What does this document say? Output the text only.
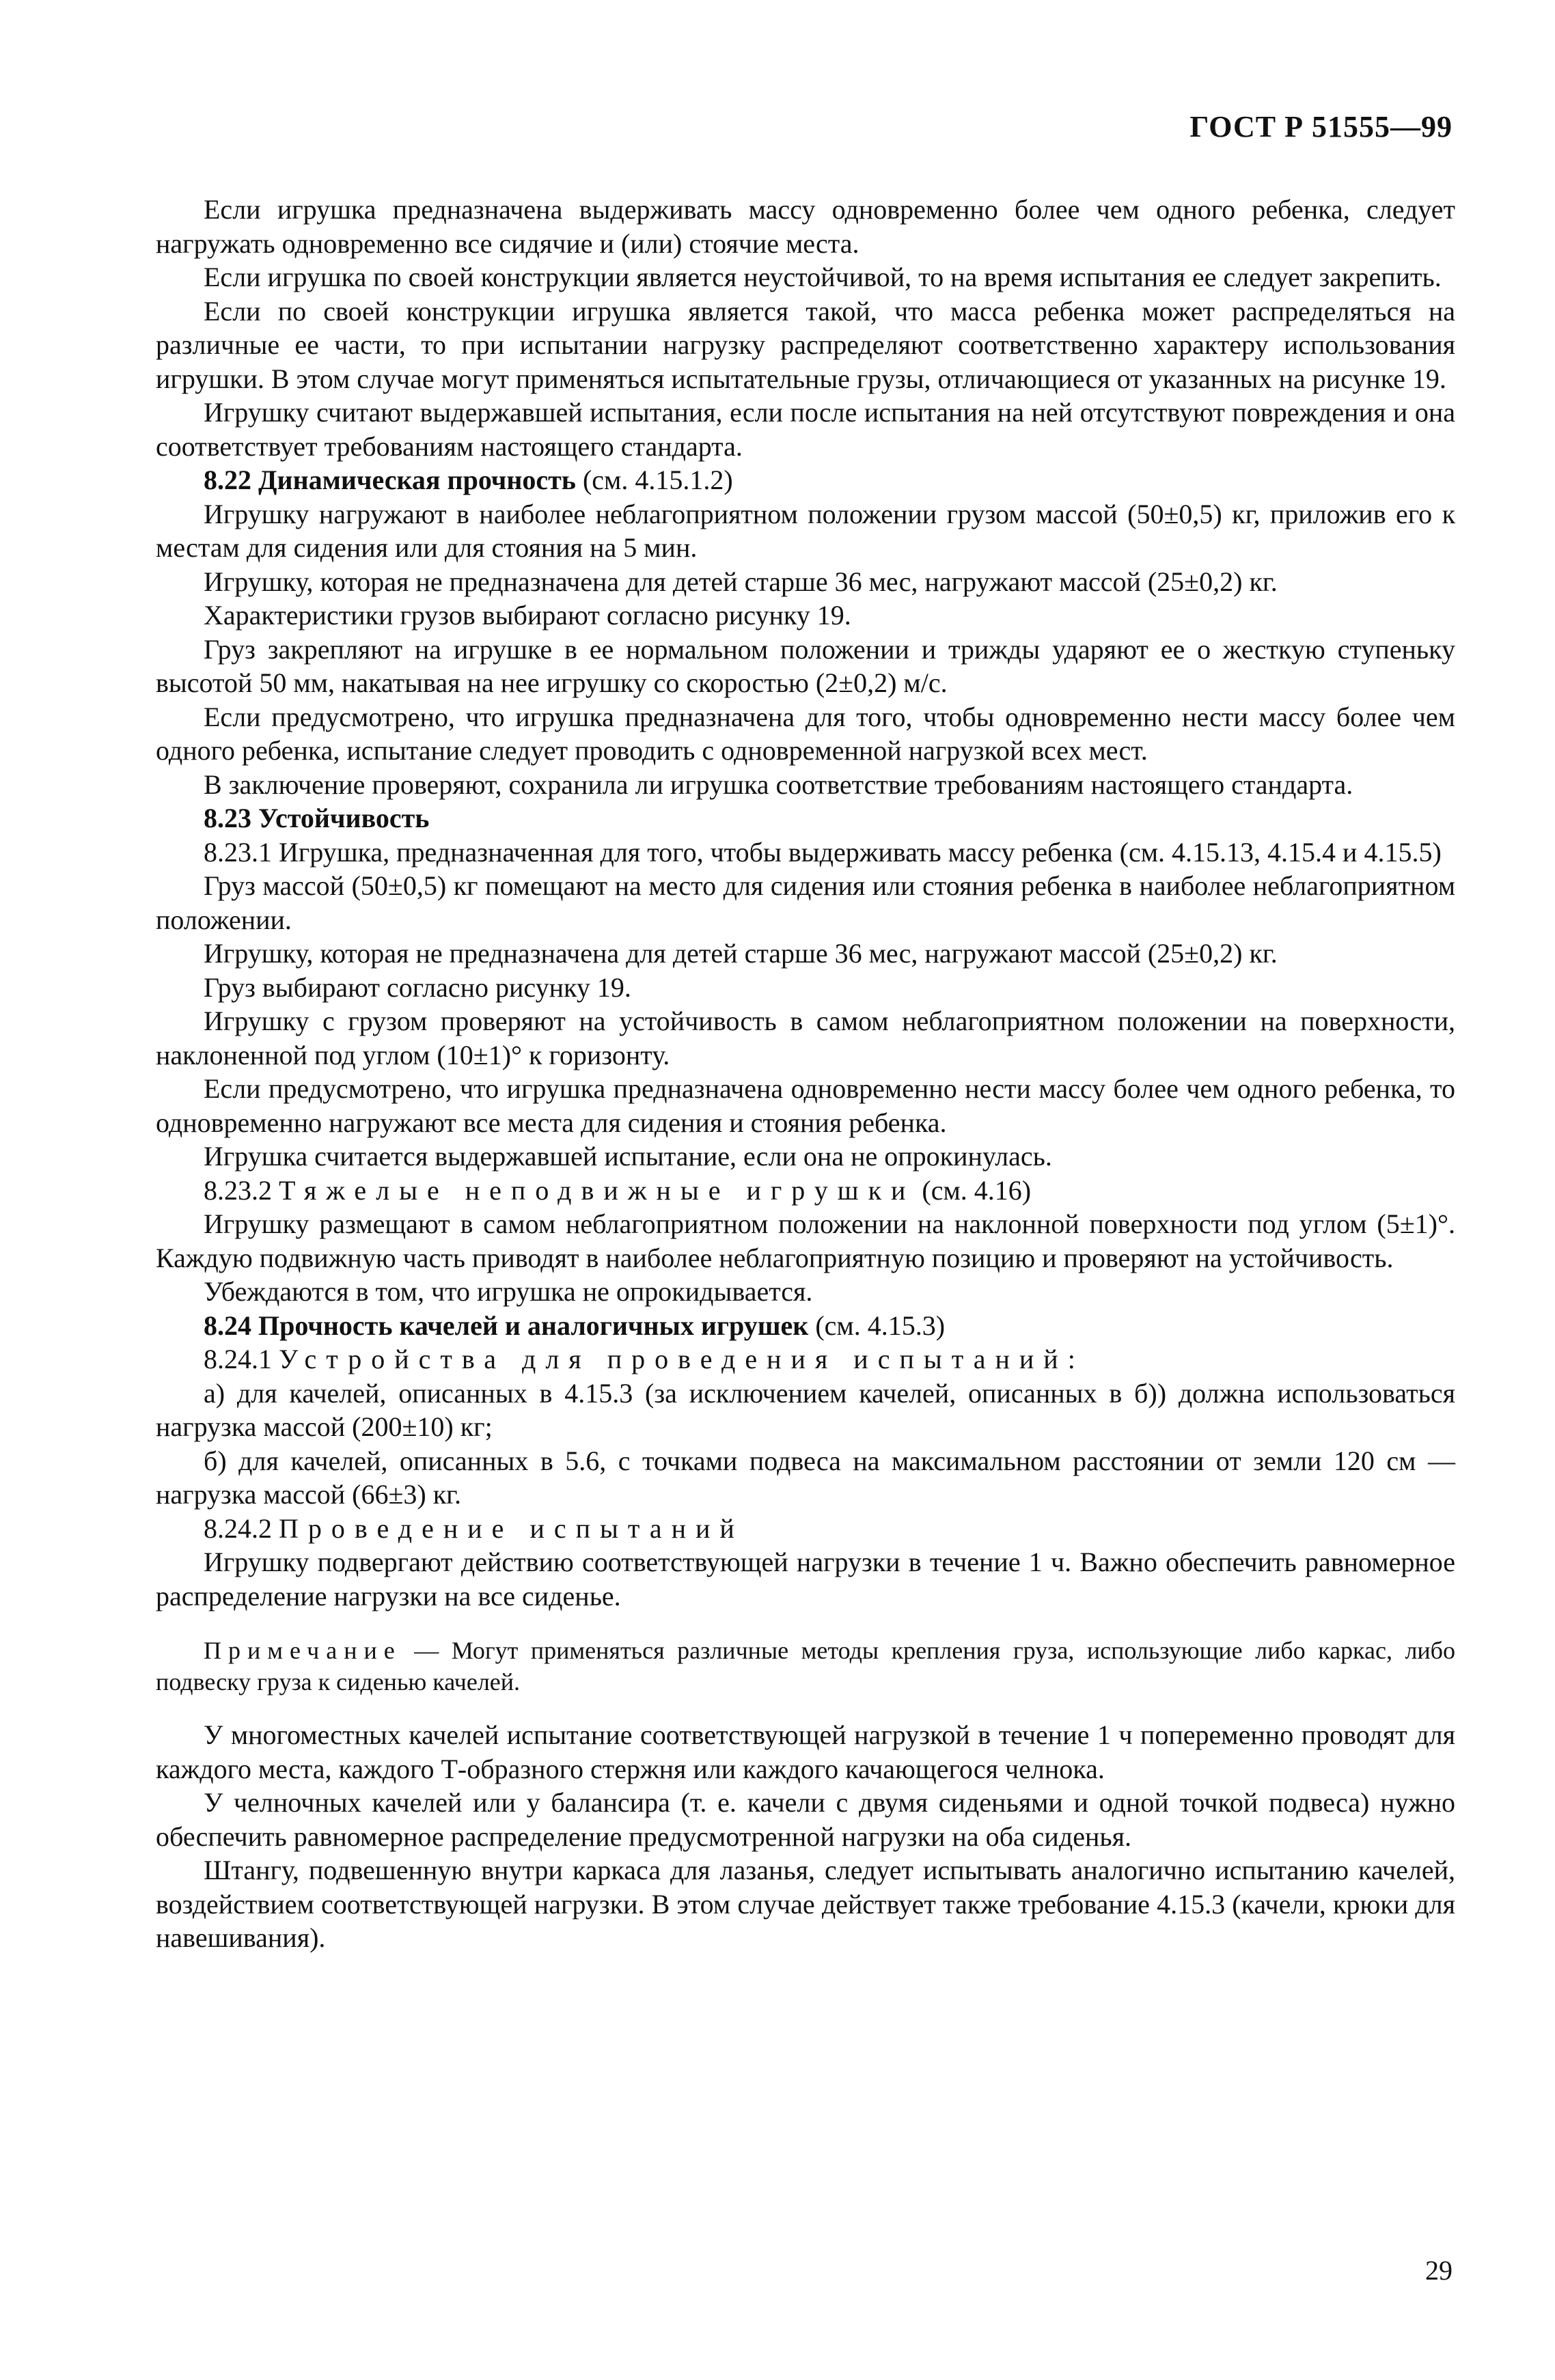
ГОСТ Р 51555—99
Если игрушка предназначена выдерживать массу одновременно более чем одного ребенка, следует нагружать одновременно все сидячие и (или) стоячие места.
Если игрушка по своей конструкции является неустойчивой, то на время испытания ее следует закрепить.
Если по своей конструкции игрушка является такой, что масса ребенка может распределяться на различные ее части, то при испытании нагрузку распределяют соответственно характеру использования игрушки. В этом случае могут применяться испытательные грузы, отличающиеся от указанных на рисунке 19.
Игрушку считают выдержавшей испытания, если после испытания на ней отсутствуют повреждения и она соответствует требованиям настоящего стандарта.
8.22 Динамическая прочность (см. 4.15.1.2)
Игрушку нагружают в наиболее неблагоприятном положении грузом массой (50±0,5) кг, приложив его к местам для сидения или для стояния на 5 мин.
Игрушку, которая не предназначена для детей старше 36 мес, нагружают массой (25±0,2) кг.
Характеристики грузов выбирают согласно рисунку 19.
Груз закрепляют на игрушке в ее нормальном положении и трижды ударяют ее о жесткую ступеньку высотой 50 мм, накатывая на нее игрушку со скоростью (2±0,2) м/с.
Если предусмотрено, что игрушка предназначена для того, чтобы одновременно нести массу более чем одного ребенка, испытание следует проводить с одновременной нагрузкой всех мест.
В заключение проверяют, сохранила ли игрушка соответствие требованиям настоящего стандарта.
8.23 Устойчивость
8.23.1 Игрушка, предназначенная для того, чтобы выдерживать массу ребенка (см. 4.15.13, 4.15.4 и 4.15.5)
Груз массой (50±0,5) кг помещают на место для сидения или стояния ребенка в наиболее неблагоприятном положении.
Игрушку, которая не предназначена для детей старше 36 мес, нагружают массой (25±0,2) кг.
Груз выбирают согласно рисунку 19.
Игрушку с грузом проверяют на устойчивость в самом неблагоприятном положении на поверхности, наклоненной под углом (10±1)° к горизонту.
Если предусмотрено, что игрушка предназначена одновременно нести массу более чем одного ребенка, то одновременно нагружают все места для сидения и стояния ребенка.
Игрушка считается выдержавшей испытание, если она не опрокинулась.
8.23.2 Тяжелые неподвижные игрушки (см. 4.16)
Игрушку размещают в самом неблагоприятном положении на наклонной поверхности под углом (5±1)°. Каждую подвижную часть приводят в наиболее неблагоприятную позицию и проверяют на устойчивость.
Убеждаются в том, что игрушка не опрокидывается.
8.24 Прочность качелей и аналогичных игрушек (см. 4.15.3)
8.24.1 Устройства для проведения испытаний:
а) для качелей, описанных в 4.15.3 (за исключением качелей, описанных в б)) должна использоваться нагрузка массой (200±10) кг;
б) для качелей, описанных в 5.6, с точками подвеса на максимальном расстоянии от земли 120 см — нагрузка массой (66±3) кг.
8.24.2 Проведение испытаний
Игрушку подвергают действию соответствующей нагрузки в течение 1 ч. Важно обеспечить равномерное распределение нагрузки на все сиденье.
Примечание — Могут применяться различные методы крепления груза, использующие либо каркас, либо подвеску груза к сиденью качелей.
У многоместных качелей испытание соответствующей нагрузкой в течение 1 ч попеременно проводят для каждого места, каждого Т-образного стержня или каждого качающегося челнока.
У челночных качелей или у балансира (т. е. качели с двумя сиденьями и одной точкой подвеса) нужно обеспечить равномерное распределение предусмотренной нагрузки на оба сиденья.
Штангу, подвешенную внутри каркаса для лазанья, следует испытывать аналогично испытанию качелей, воздействием соответствующей нагрузки. В этом случае действует также требование 4.15.3 (качели, крюки для навешивания).
29
